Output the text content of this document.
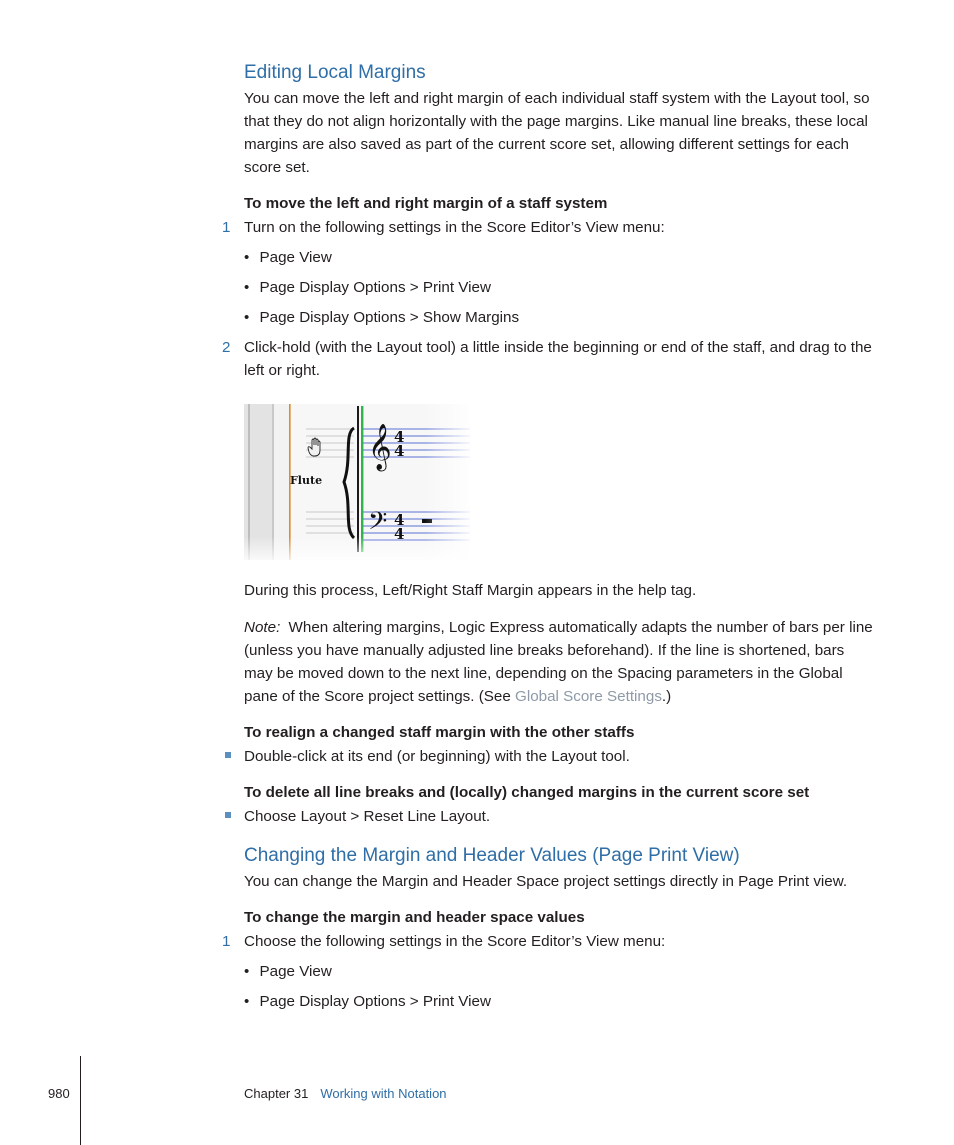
Editing Local Margins
You can move the left and right margin of each individual staff system with the Layout tool, so that they do not align horizontally with the page margins. Like manual line breaks, these local margins are also saved as part of the current score set, allowing different settings for each score set.
To move the left and right margin of a staff system
1 Turn on the following settings in the Score Editor’s View menu:
• Page View
• Page Display Options > Print View
• Page Display Options > Show Margins
2 Click-hold (with the Layout tool) a little inside the beginning or end of the staff, and drag to the left or right.
During this process, Left/Right Staff Margin appears in the help tag.
Note: When altering margins, Logic Express automatically adapts the number of bars per line (unless you have manually adjusted line breaks beforehand). If the line is shortened, bars may be moved down to the next line, depending on the Spacing parameters in the Global pane of the Score project settings. (See Global Score Settings.)
To realign a changed staff margin with the other staffs
Double-click at its end (or beginning) with the Layout tool.
To delete all line breaks and (locally) changed margins in the current score set
Choose Layout > Reset Line Layout.
Changing the Margin and Header Values (Page Print View)
You can change the Margin and Header Space project settings directly in Page Print view.
To change the margin and header space values
1 Choose the following settings in the Score Editor’s View menu:
• Page View
• Page Display Options > Print View
980	Chapter 31 Working with Notation
